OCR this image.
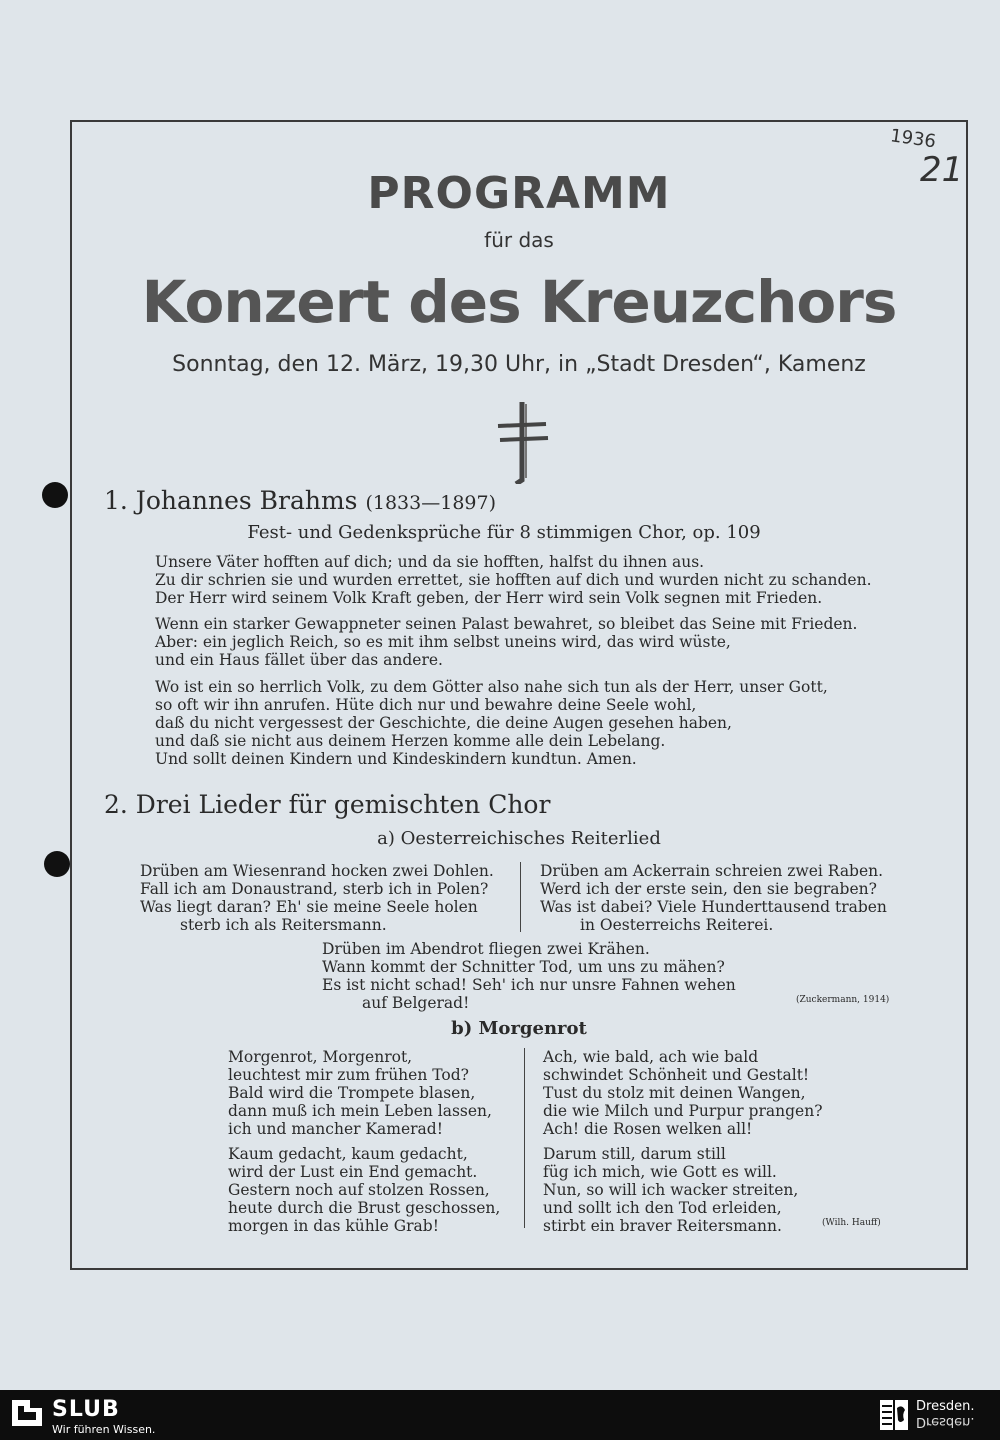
1936
21
PROGRAMM
für das
Konzert des Kreuzchors
Sonntag, den 12. März, 19,30 Uhr, in „Stadt Dresden“, Kamenz
1. Johannes Brahms (1833—1897)
Fest- und Gedenksprüche für 8 stimmigen Chor, op. 109
Unsere Väter hofften auf dich; und da sie hofften, halfst du ihnen aus.
Zu dir schrien sie und wurden errettet, sie hofften auf dich und wurden nicht zu schanden.
Der Herr wird seinem Volk Kraft geben, der Herr wird sein Volk segnen mit Frieden.
Wenn ein starker Gewappneter seinen Palast bewahret, so bleibet das Seine mit Frieden.
Aber: ein jeglich Reich, so es mit ihm selbst uneins wird, das wird wüste,
und ein Haus fället über das andere.
Wo ist ein so herrlich Volk, zu dem Götter also nahe sich tun als der Herr, unser Gott,
so oft wir ihn anrufen. Hüte dich nur und bewahre deine Seele wohl,
daß du nicht vergessest der Geschichte, die deine Augen gesehen haben,
und daß sie nicht aus deinem Herzen komme alle dein Lebelang.
Und sollt deinen Kindern und Kindeskindern kundtun. Amen.
2. Drei Lieder für gemischten Chor
a) Oesterreichisches Reiterlied
Drüben am Wiesenrand hocken zwei Dohlen.
Fall ich am Donaustrand, sterb ich in Polen?
Was liegt daran? Eh' sie meine Seele holen
sterb ich als Reitersmann.
Drüben am Ackerrain schreien zwei Raben.
Werd ich der erste sein, den sie begraben?
Was ist dabei? Viele Hunderttausend traben
in Oesterreichs Reiterei.
Drüben im Abendrot fliegen zwei Krähen.
Wann kommt der Schnitter Tod, um uns zu mähen?
Es ist nicht schad! Seh' ich nur unsre Fahnen wehen
auf Belgerad!	(Zuckermann, 1914)
b) Morgenrot
Morgenrot, Morgenrot,
leuchtest mir zum frühen Tod?
Bald wird die Trompete blasen,
dann muß ich mein Leben lassen,
ich und mancher Kamerad!
Kaum gedacht, kaum gedacht,
wird der Lust ein End gemacht.
Gestern noch auf stolzen Rossen,
heute durch die Brust geschossen,
morgen in das kühle Grab!
Ach, wie bald, ach wie bald
schwindet Schönheit und Gestalt!
Tust du stolz mit deinen Wangen,
die wie Milch und Purpur prangen?
Ach! die Rosen welken all!
Darum still, darum still
füg ich mich, wie Gott es will.
Nun, so will ich wacker streiten,
und sollt ich den Tod erleiden,
stirbt ein braver Reitersmann.	(Wilh. Hauff)
SLUB
Wir führen Wissen.
Dresden.
Dresden.
